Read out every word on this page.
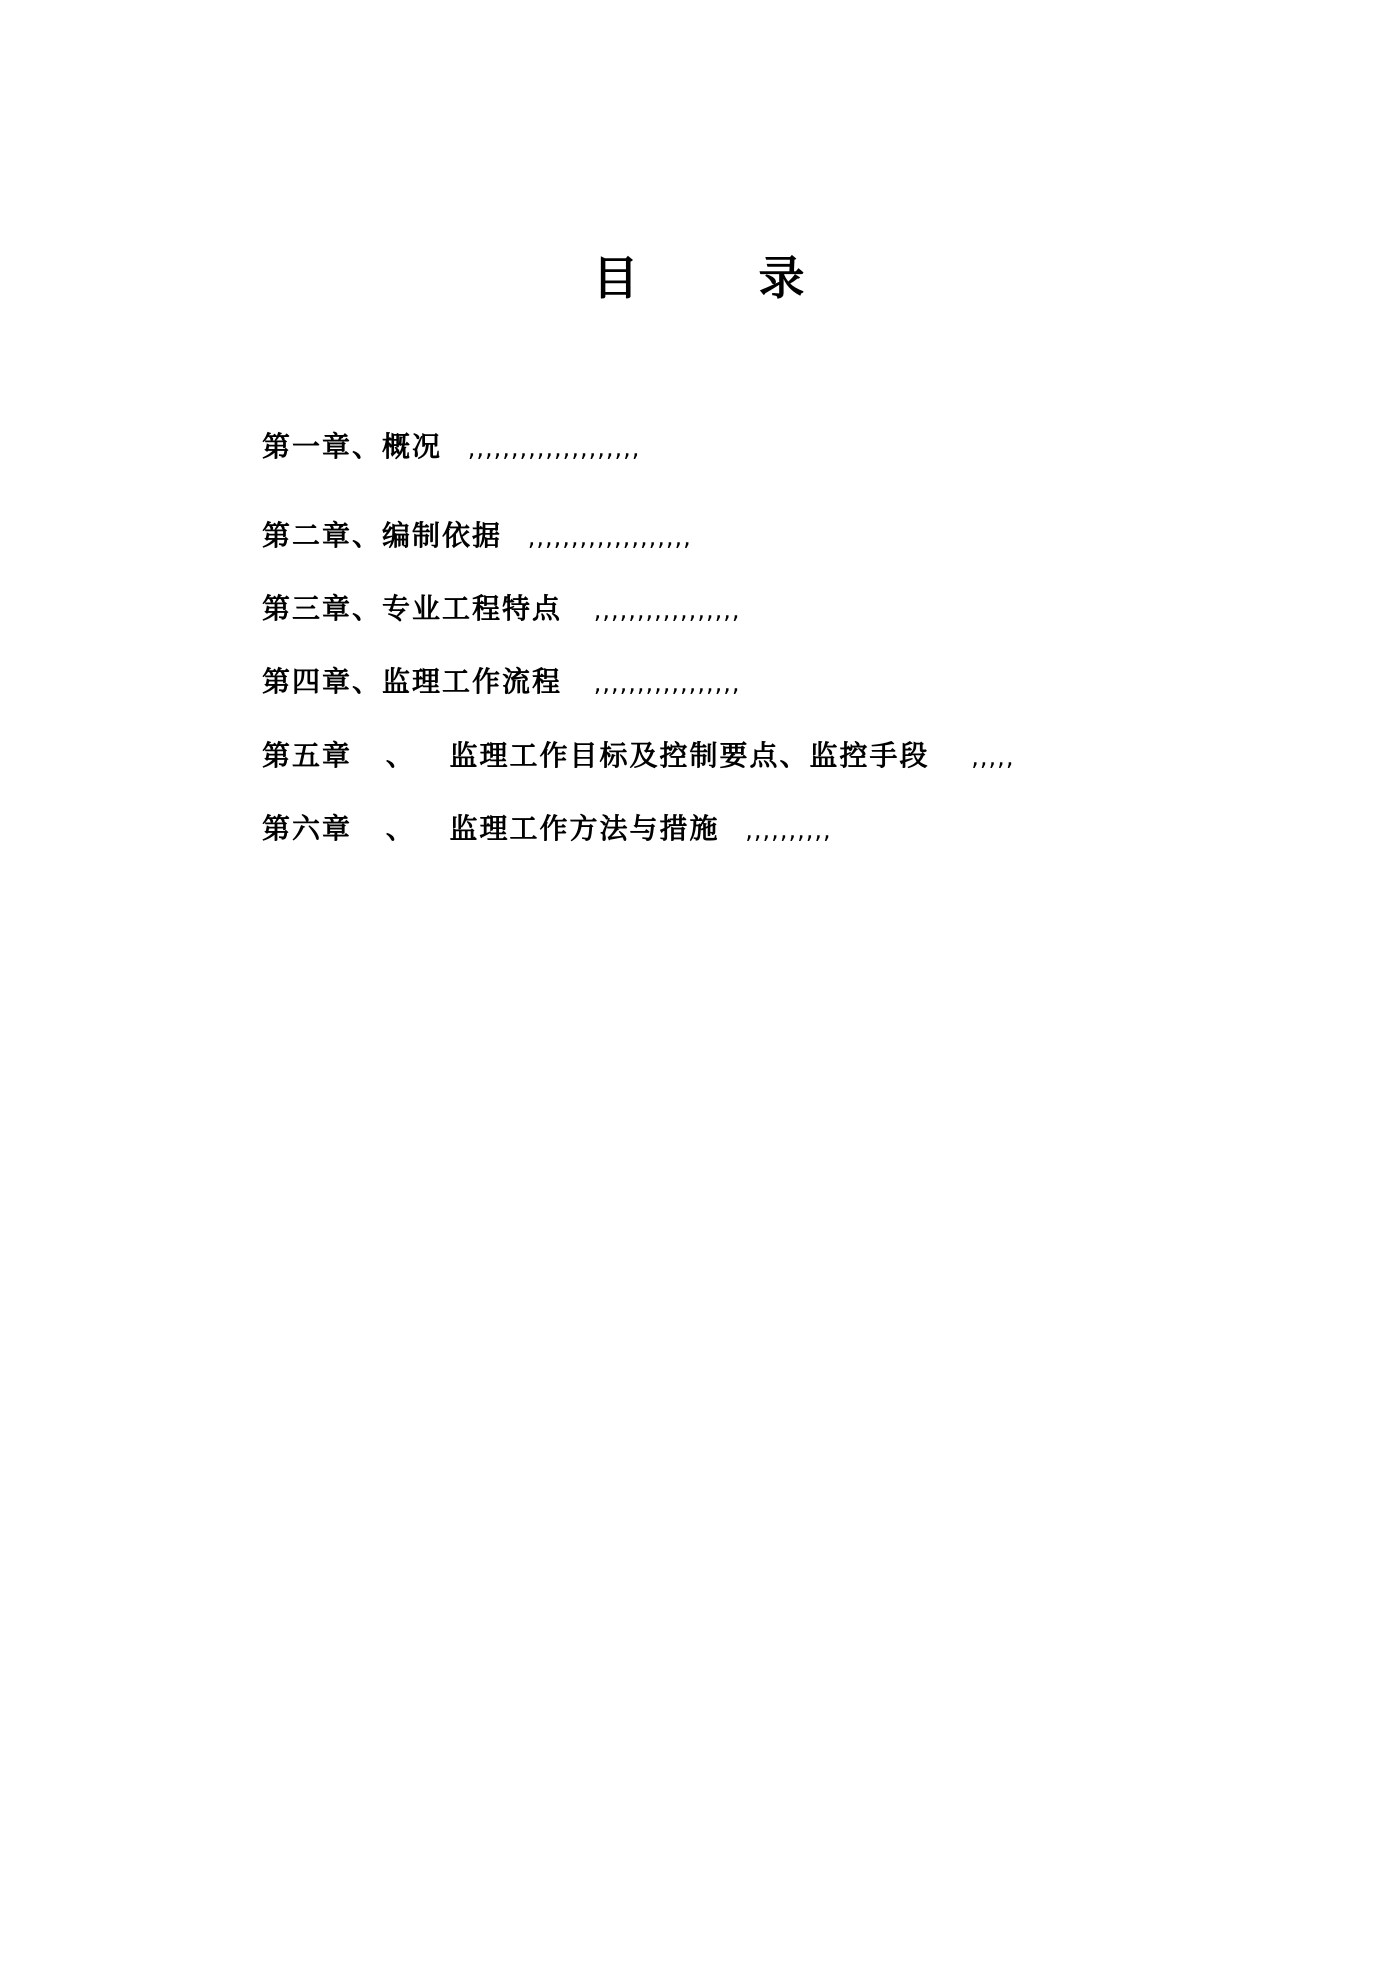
目	录
第一章、概况 ,,,,,,,,,,,,,,,,,,,,
第二章、编制依据 ,,,,,,,,,,,,,,,,,,,
第三章、专业工程特点 ,,,,,,,,,,,,,,,,,
第四章、监理工作流程 ,,,,,,,,,,,,,,,,,
第五章 、 监理工作目标及控制要点、监控手段 ,,,,,
第六章 、 监理工作方法与措施 ,,,,,,,,,,
